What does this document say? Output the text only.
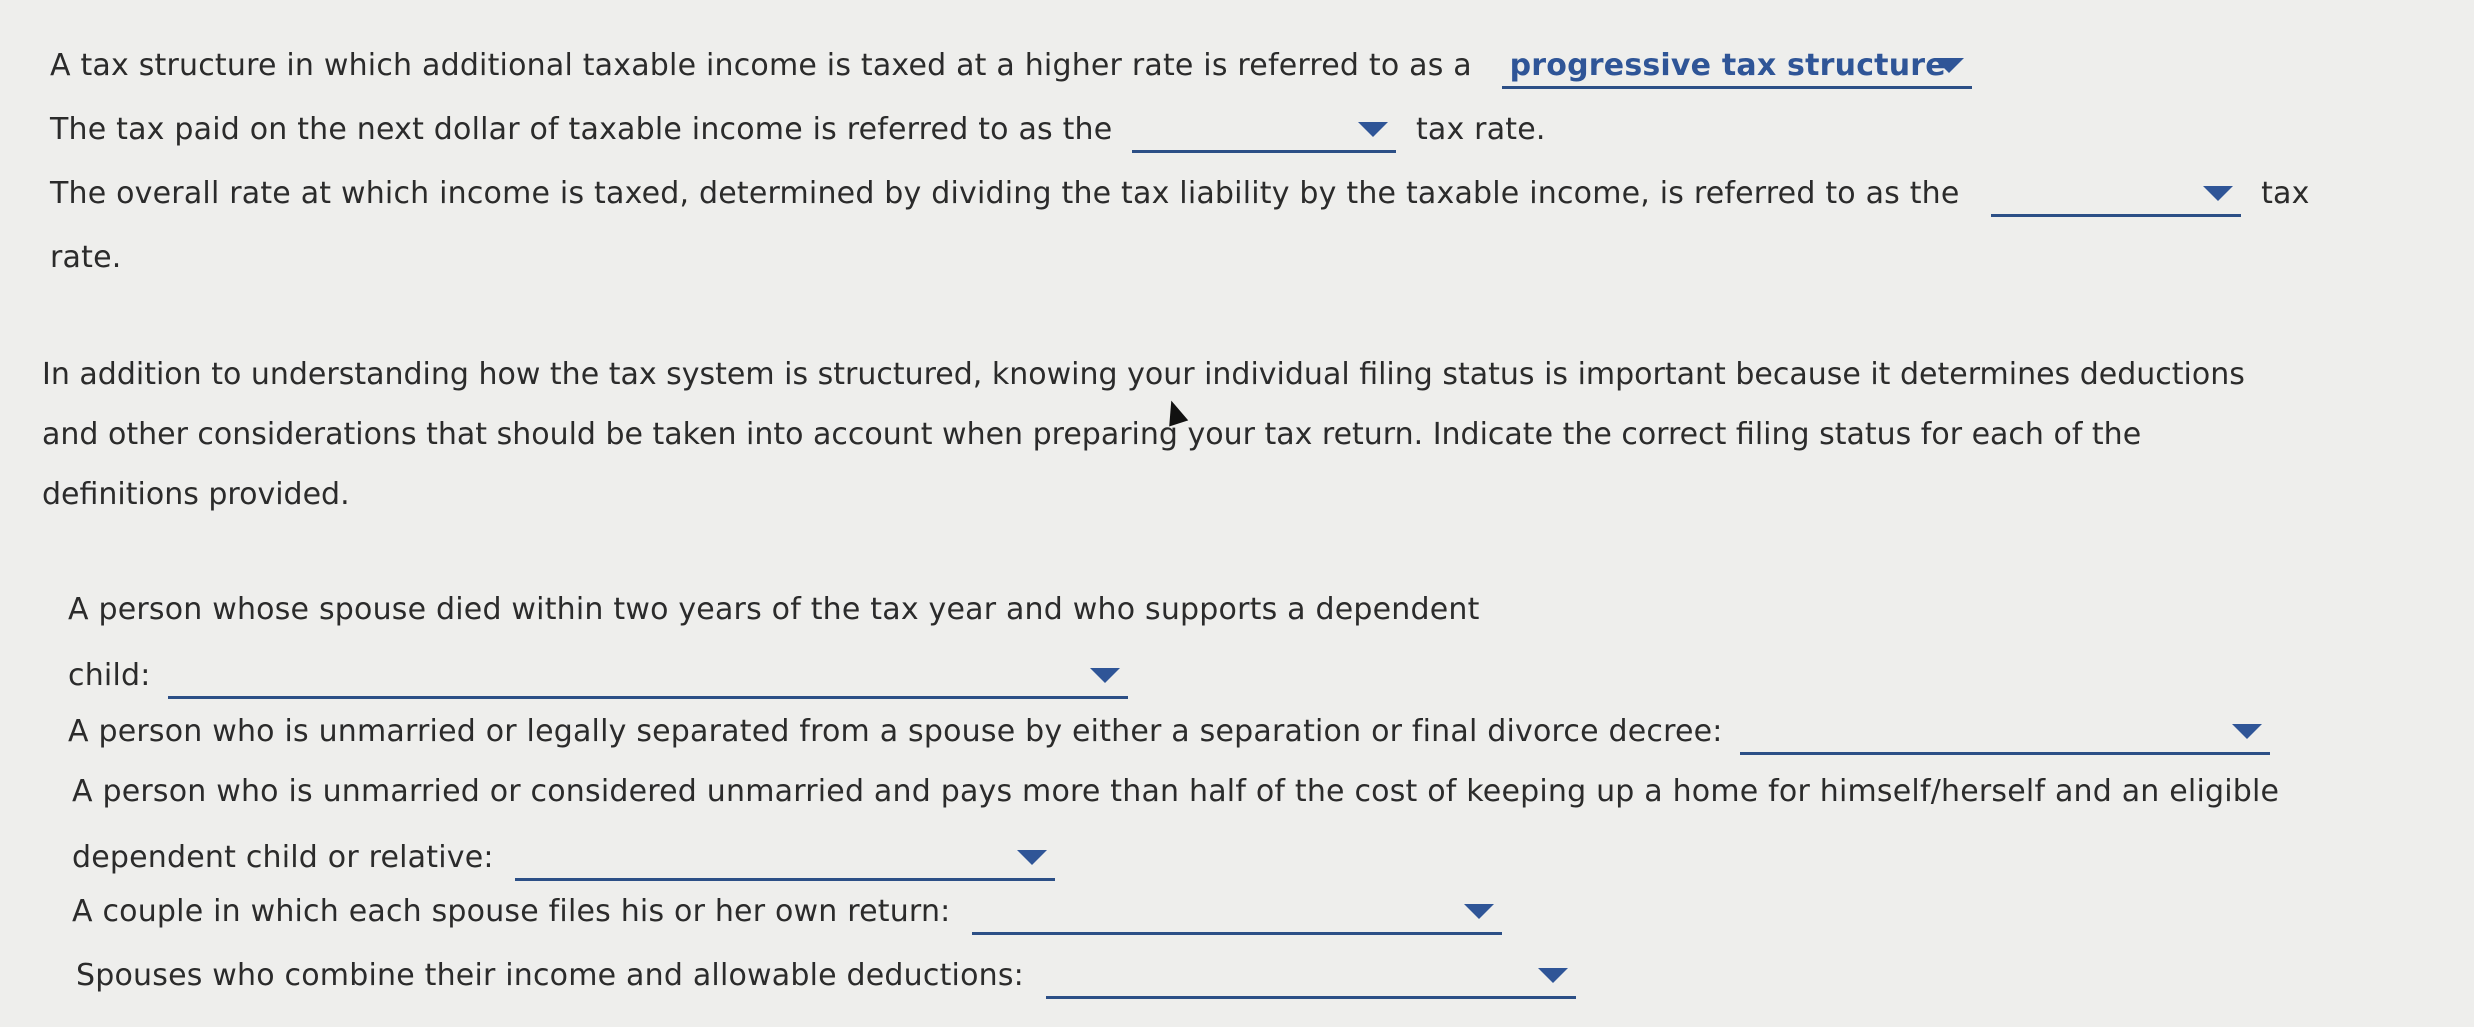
A tax structure in which additional taxable income is taxed at a higher rate is referred to as a progressive tax structure
The tax paid on the next dollar of taxable income is referred to as the	tax rate.
The overall rate at which income is taxed, determined by dividing the tax liability by the taxable income, is referred to as the	tax
rate.
In addition to understanding how the tax system is structured, knowing your individual filing status is important because it determines deductions and other considerations that should be taken into account when preparing your tax return. Indicate the correct filing status for each of the definitions provided.
A person whose spouse died within two years of the tax year and who supports a dependent
child:
A person who is unmarried or legally separated from a spouse by either a separation or final divorce decree:
A person who is unmarried or considered unmarried and pays more than half of the cost of keeping up a home for himself/herself and an eligible
dependent child or relative:
A couple in which each spouse files his or her own return:
Spouses who combine their income and allowable deductions:
